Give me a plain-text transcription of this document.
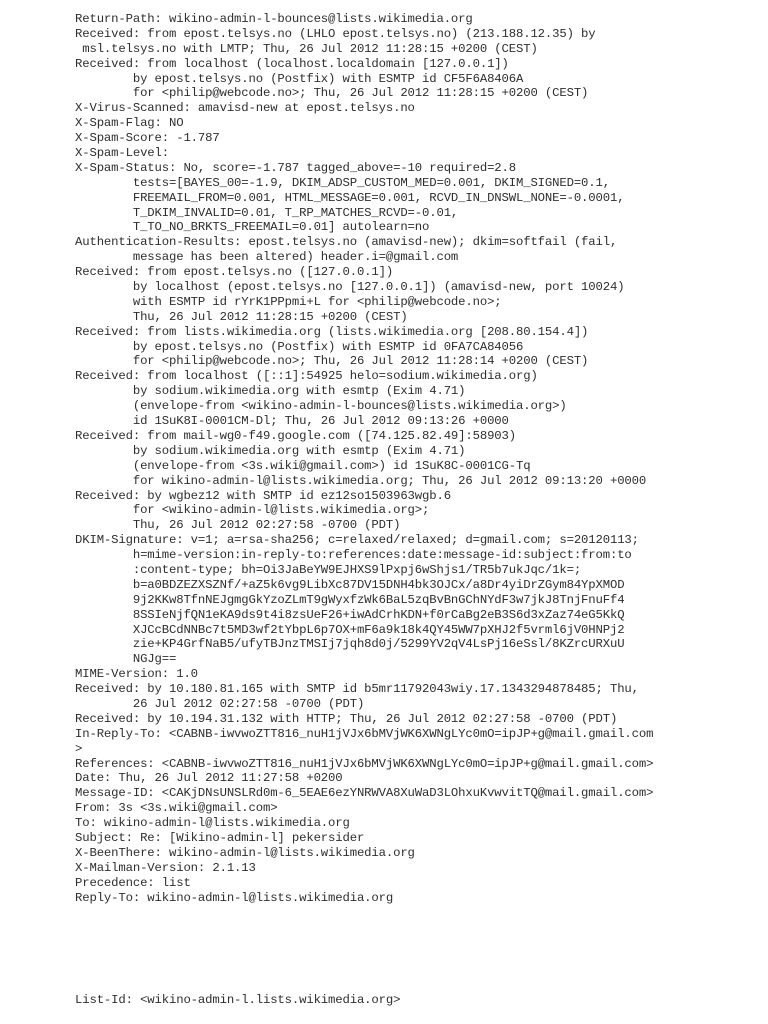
Return-Path: wikino-admin-l-bounces@lists.wikimedia.org
Received: from epost.telsys.no (LHLO epost.telsys.no) (213.188.12.35) by
msl.telsys.no with LMTP; Thu, 26 Jul 2012 11:28:15 +0200 (CEST)
Received: from localhost (localhost.localdomain [127.0.0.1])
by epost.telsys.no (Postfix) with ESMTP id CF5F6A8406A
for <philip@webcode.no>; Thu, 26 Jul 2012 11:28:15 +0200 (CEST)
X-Virus-Scanned: amavisd-new at epost.telsys.no
X-Spam-Flag: NO
X-Spam-Score: -1.787
X-Spam-Level:
X-Spam-Status: No, score=-1.787 tagged_above=-10 required=2.8
tests=[BAYES_00=-1.9, DKIM_ADSP_CUSTOM_MED=0.001, DKIM_SIGNED=0.1,
FREEMAIL_FROM=0.001, HTML_MESSAGE=0.001, RCVD_IN_DNSWL_NONE=-0.0001,
T_DKIM_INVALID=0.01, T_RP_MATCHES_RCVD=-0.01,
T_TO_NO_BRKTS_FREEMAIL=0.01] autolearn=no
Authentication-Results: epost.telsys.no (amavisd-new); dkim=softfail (fail,
message has been altered) header.i=@gmail.com
Received: from epost.telsys.no ([127.0.0.1])
by localhost (epost.telsys.no [127.0.0.1]) (amavisd-new, port 10024)
with ESMTP id rYrK1PPpmi+L for <philip@webcode.no>;
Thu, 26 Jul 2012 11:28:15 +0200 (CEST)
Received: from lists.wikimedia.org (lists.wikimedia.org [208.80.154.4])
by epost.telsys.no (Postfix) with ESMTP id 0FA7CA84056
for <philip@webcode.no>; Thu, 26 Jul 2012 11:28:14 +0200 (CEST)
Received: from localhost ([::1]:54925 helo=sodium.wikimedia.org)
by sodium.wikimedia.org with esmtp (Exim 4.71)
(envelope-from <wikino-admin-l-bounces@lists.wikimedia.org>)
id 1SuK8I-0001CM-Dl; Thu, 26 Jul 2012 09:13:26 +0000
Received: from mail-wg0-f49.google.com ([74.125.82.49]:58903)
by sodium.wikimedia.org with esmtp (Exim 4.71)
(envelope-from <3s.wiki@gmail.com>) id 1SuK8C-0001CG-Tq
for wikino-admin-l@lists.wikimedia.org; Thu, 26 Jul 2012 09:13:20 +0000
Received: by wgbez12 with SMTP id ez12so1503963wgb.6
for <wikino-admin-l@lists.wikimedia.org>;
Thu, 26 Jul 2012 02:27:58 -0700 (PDT)
DKIM-Signature: v=1; a=rsa-sha256; c=relaxed/relaxed; d=gmail.com; s=20120113;
h=mime-version:in-reply-to:references:date:message-id:subject:from:to
:content-type; bh=Oi3JaBeYW9EJHXS9lPxpj6wShjs1/TR5b7ukJqc/1k=;
b=a0BDZEZXSZNf/+aZ5k6vg9LibXc87DV15DNH4bk3OJCx/a8Dr4yiDrZGym84YpXMOD
9j2KKw8TfnNEJgmgGkYzoZLmT9gWyxfzWk6BaL5zqBvBnGChNYdF3w7jkJ8TnjFnuFf4
8SSIeNjfQN1eKA9ds9t4i8zsUeF26+iwAdCrhKDN+f0rCaBg2eB3S6d3xZaz74eG5KkQ
XJCcBCdNNBc7t5MD3wf2tYbpL6p7OX+mF6a9k18k4QY45WW7pXHJ2f5vrml6jV0HNPj2
zie+KP4GrfNaB5/ufyTBJnzTMSIj7jqh8d0j/5299YV2qV4LsPj16eSsl/8KZrcURXuU
NGJg==
MIME-Version: 1.0
Received: by 10.180.81.165 with SMTP id b5mr11792043wiy.17.1343294878485; Thu,
26 Jul 2012 02:27:58 -0700 (PDT)
Received: by 10.194.31.132 with HTTP; Thu, 26 Jul 2012 02:27:58 -0700 (PDT)
In-Reply-To: <CABNB-iwvwoZTT816_nuH1jVJx6bMVjWK6XWNgLYc0mO=ipJP+g@mail.gmail.com
>
References: <CABNB-iwvwoZTT816_nuH1jVJx6bMVjWK6XWNgLYc0mO=ipJP+g@mail.gmail.com>
Date: Thu, 26 Jul 2012 11:27:58 +0200
Message-ID: <CAKjDNsUNSLRd0m-6_5EAE6ezYNRWVA8XuWaD3LOhxuKvwvitTQ@mail.gmail.com>
From: 3s <3s.wiki@gmail.com>
To: wikino-admin-l@lists.wikimedia.org
Subject: Re: [Wikino-admin-l] pekersider
X-BeenThere: wikino-admin-l@lists.wikimedia.org
X-Mailman-Version: 2.1.13
Precedence: list
Reply-To: wikino-admin-l@lists.wikimedia.org
List-Id: <wikino-admin-l.lists.wikimedia.org>
